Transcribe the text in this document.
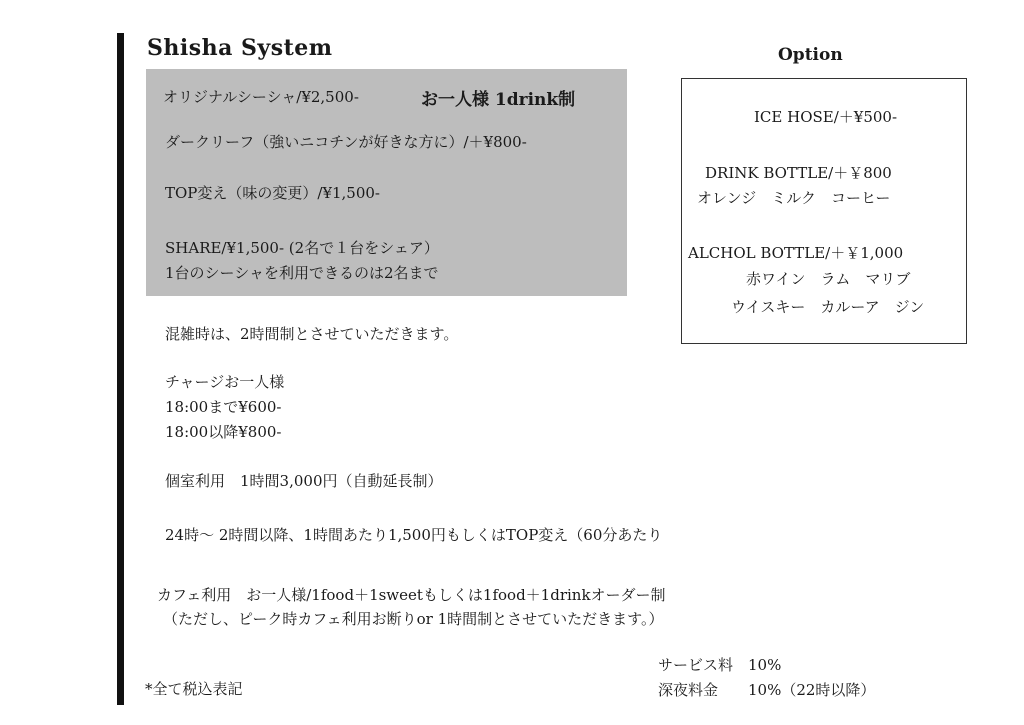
Shisha System
オリジナルシーシャ/¥2,500-	お一人様 1drink制
ダークリーフ（強いニコチンが好きな方に）/＋¥800-
TOP変え（味の変更）/¥1,500-
SHARE/¥1,500- (2名で１台をシェア）
1台のシーシャを利用できるのは2名まで
混雑時は、2時間制とさせていただきます。
チャージお一人様
18:00まで¥600-
18:00以降¥800-
個室利用　1時間3,000円（自動延長制）
24時～ 2時間以降、1時間あたり1,500円もしくはTOP変え（60分あたり
カフェ利用　お一人様/1food＋1sweetもしくは1food＋1drinkオーダー制
（ただし、ピーク時カフェ利用お断りor 1時間制とさせていただきます。）
*全て税込表記
サービス料　10%
深夜料金　　10%（22時以降）
Option
ICE HOSE/＋¥500-
DRINK BOTTLE/＋￥800
オレンジ　ミルク　コーヒー
ALCHOL BOTTLE/＋￥1,000
赤ワイン　ラム　マリブ
ウイスキー　カルーア　ジン
